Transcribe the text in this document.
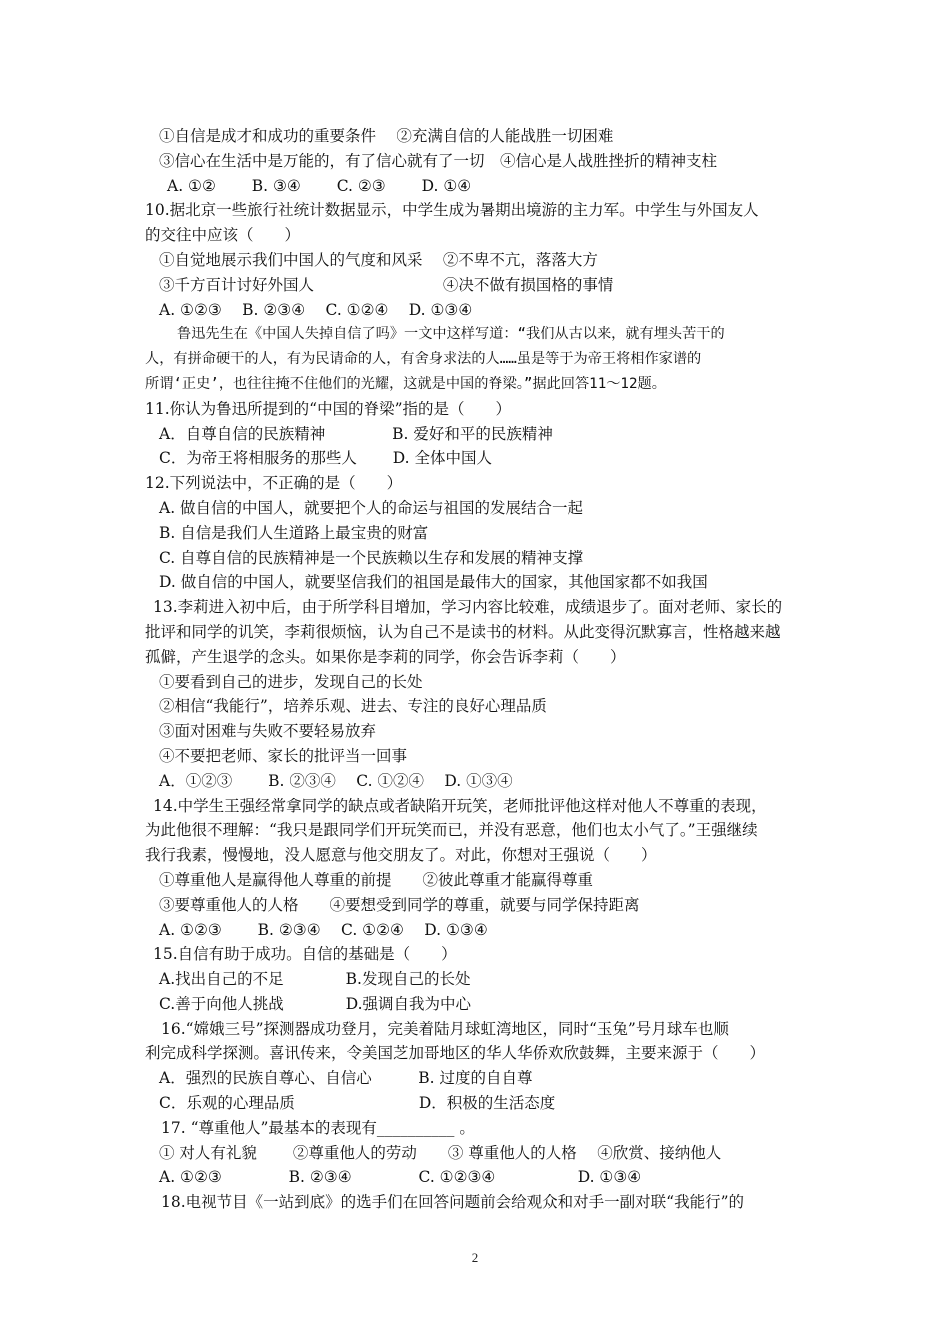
①自信是成才和成功的重要条件　 ②充满自信的人能战胜一切困难
③信心在生活中是万能的，有了信心就有了一切　④信心是人战胜挫折的精神支柱
A. ①②　　 B. ③④　　 C. ②③　　 D. ①④
10.据北京一些旅行社统计数据显示，中学生成为暑期出境游的主力军。中学生与外国友人
的交往中应该（　　）
①自觉地展示我们中国人的气度和风采　 ②不卑不亢，落落大方
③千方百计讨好外国人　　　　　　　　 ④决不做有损国格的事情
A. ①②③　 B. ②③④　 C. ①②④　 D. ①③④
鲁迅先生在《中国人失掉自信了吗》一文中这样写道：“我们从古以来，就有埋头苦干的
人，有拼命硬干的人，有为民请命的人，有舍身求法的人……虽是等于为帝王将相作家谱的
所谓‘正史’，也往往掩不住他们的光耀，这就是中国的脊梁。”据此回答11～12题。
11.你认为鲁迅所提到的“中国的脊梁”指的是（　　）
A．自尊自信的民族精神　　　　 B. 爱好和平的民族精神
C．为帝王将相服务的那些人　　 D. 全体中国人
12.下列说法中，不正确的是（　　）
A. 做自信的中国人，就要把个人的命运与祖国的发展结合一起
B. 自信是我们人生道路上最宝贵的财富
C. 自尊自信的民族精神是一个民族赖以生存和发展的精神支撑
D. 做自信的中国人，就要坚信我们的祖国是最伟大的国家，其他国家都不如我国
13.李莉进入初中后，由于所学科目增加，学习内容比较难，成绩退步了。面对老师、家长的
批评和同学的讥笑，李莉很烦恼，认为自己不是读书的材料。从此变得沉默寡言，性格越来越
孤僻，产生退学的念头。如果你是李莉的同学，你会告诉李莉（　　）
①要看到自己的进步，发现自己的长处
②相信“我能行”，培养乐观、进去、专注的良好心理品质
③面对困难与失败不要轻易放弃
④不要把老师、家长的批评当一回事
A．①②③　　 B. ②③④　 C. ①②④　 D. ①③④
14.中学生王强经常拿同学的缺点或者缺陷开玩笑，老师批评他这样对他人不尊重的表现，
为此他很不理解：“我只是跟同学们开玩笑而已，并没有恶意，他们也太小气了。”王强继续
我行我素，慢慢地，没人愿意与他交朋友了。对此，你想对王强说（　　）
①尊重他人是赢得他人尊重的前提　　②彼此尊重才能赢得尊重
③要尊重他人的人格　　④要想受到同学的尊重，就要与同学保持距离
A. ①②③　　 B. ②③④　 C. ①②④　 D. ①③④
15.自信有助于成功。自信的基础是（　　）
A.找出自己的不足　　　　B.发现自己的长处
C.善于向他人挑战　　　　D.强调自我为中心
16.“嫦娥三号”探测器成功登月，完美着陆月球虹湾地区，同时“玉兔”号月球车也顺
利完成科学探测。喜讯传来，令美国芝加哥地区的华人华侨欢欣鼓舞，主要来源于（　　）
A．强烈的民族自尊心、自信心　　　B. 过度的自自尊
C．乐观的心理品质　　　　　　　　D．积极的生活态度
17. “尊重他人”最基本的表现有__________ 。
① 对人有礼貌　　 ②尊重他人的劳动　　③ 尊重他人的人格　 ④欣赏、接纳他人
A. ①②③　　　　 B. ②③④　　　　 C. ①②③④　　　　　 D. ①③④
18.电视节目《一站到底》的选手们在回答问题前会给观众和对手一副对联“我能行”的
2
